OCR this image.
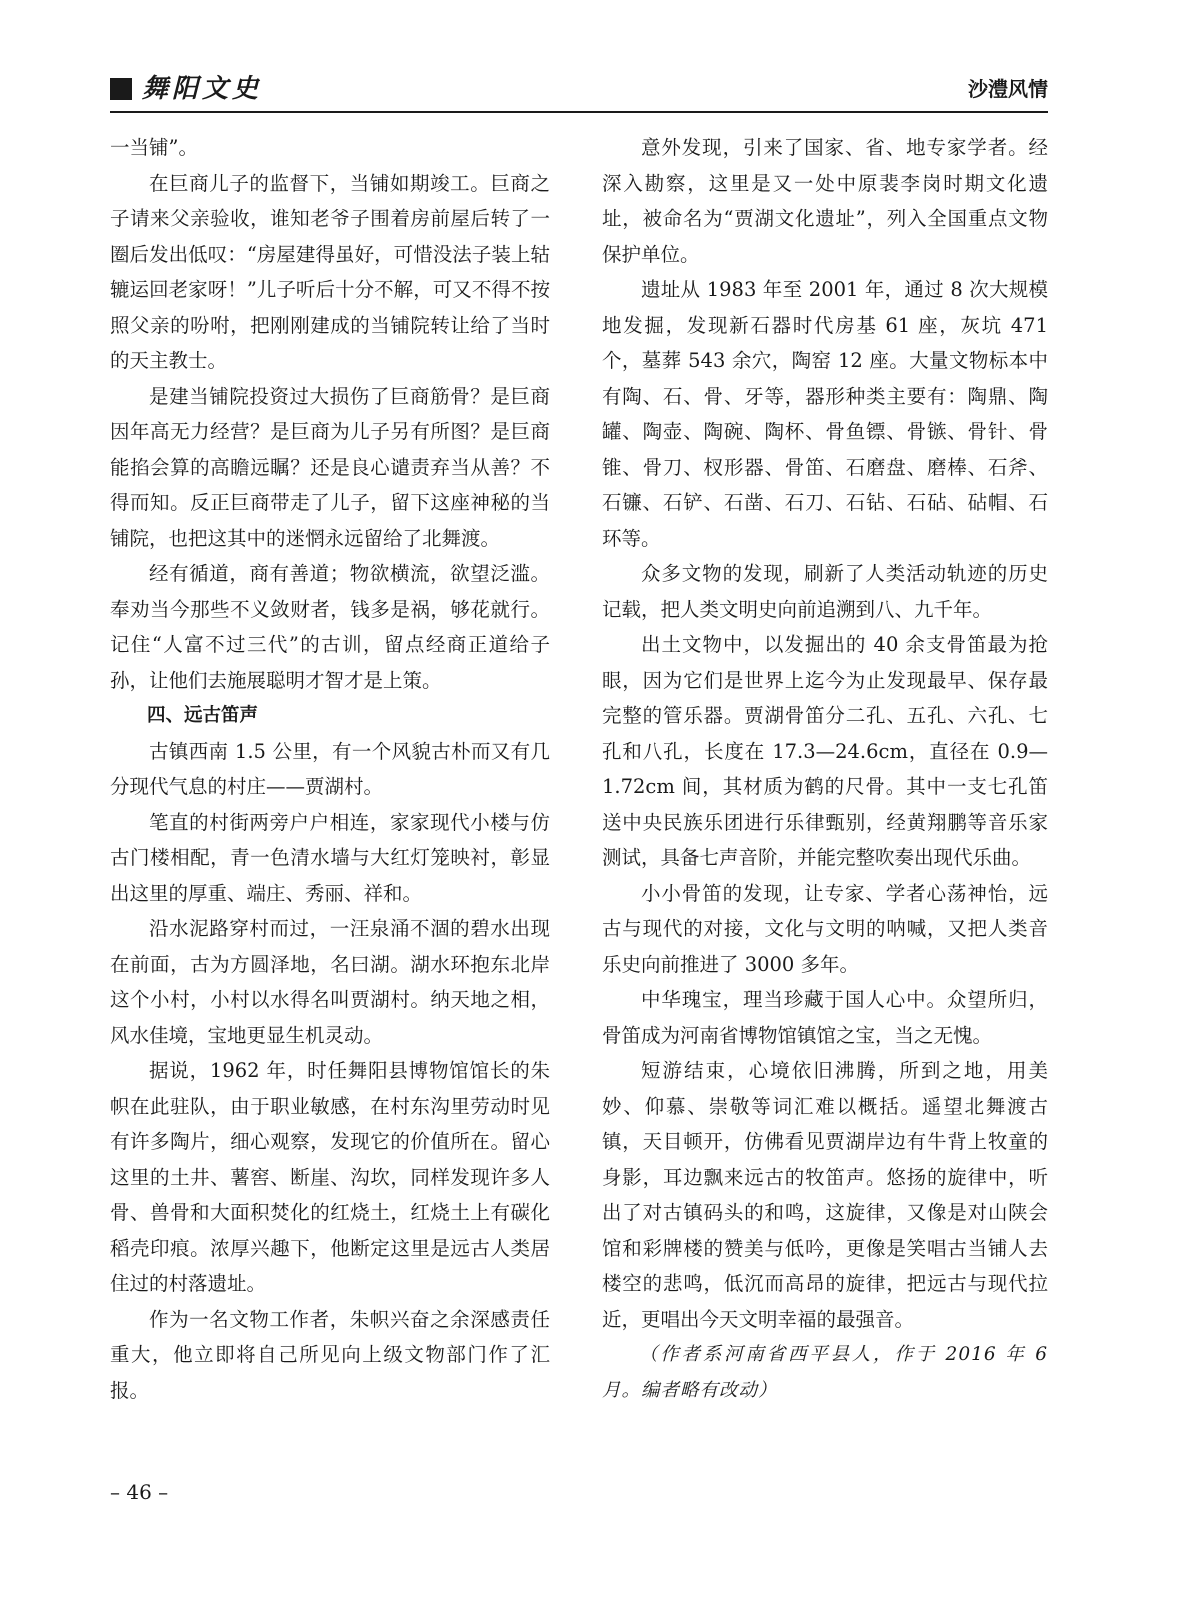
舞阳文史	沙澧风情

一当铺”。

在巨商儿子的监督下，当铺如期竣工。巨商之子请来父亲验收，谁知老爷子围着房前屋后转了一圈后发出低叹：“房屋建得虽好，可惜没法子装上轱辘运回老家呀！”儿子听后十分不解，可又不得不按照父亲的吩咐，把刚刚建成的当铺院转让给了当时的天主教士。

是建当铺院投资过大损伤了巨商筋骨？是巨商因年高无力经营？是巨商为儿子另有所图？是巨商能掐会算的高瞻远瞩？还是良心谴责弃当从善？不得而知。反正巨商带走了儿子，留下这座神秘的当铺院，也把这其中的迷惘永远留给了北舞渡。

经有循道，商有善道；物欲横流，欲望泛滥。奉劝当今那些不义敛财者，钱多是祸，够花就行。记住“人富不过三代”的古训，留点经商正道给子孙，让他们去施展聪明才智才是上策。

四、远古笛声

古镇西南 1.5 公里，有一个风貌古朴而又有几分现代气息的村庄——贾湖村。

笔直的村街两旁户户相连，家家现代小楼与仿古门楼相配，青一色清水墙与大红灯笼映衬，彰显出这里的厚重、端庄、秀丽、祥和。

沿水泥路穿村而过，一汪泉涌不涸的碧水出现在前面，古为方圆泽地，名曰湖。湖水环抱东北岸这个小村，小村以水得名叫贾湖村。纳天地之相，风水佳境，宝地更显生机灵动。

据说，1962 年，时任舞阳县博物馆馆长的朱帜在此驻队，由于职业敏感，在村东沟里劳动时见有许多陶片，细心观察，发现它的价值所在。留心这里的土井、薯窖、断崖、沟坎，同样发现许多人骨、兽骨和大面积焚化的红烧土，红烧土上有碳化稻壳印痕。浓厚兴趣下，他断定这里是远古人类居住过的村落遗址。

作为一名文物工作者，朱帜兴奋之余深感责任重大，他立即将自己所见向上级文物部门作了汇报。

意外发现，引来了国家、省、地专家学者。经深入勘察，这里是又一处中原裴李岗时期文化遗址，被命名为“贾湖文化遗址”，列入全国重点文物保护单位。

遗址从 1983 年至 2001 年，通过 8 次大规模地发掘，发现新石器时代房基 61 座，灰坑 471 个，墓葬 543 余穴，陶窑 12 座。大量文物标本中有陶、石、骨、牙等，器形种类主要有：陶鼎、陶罐、陶壶、陶碗、陶杯、骨鱼镖、骨镞、骨针、骨锥、骨刀、杈形器、骨笛、石磨盘、磨棒、石斧、石镰、石铲、石凿、石刀、石钻、石砧、砧帽、石环等。

众多文物的发现，刷新了人类活动轨迹的历史记载，把人类文明史向前追溯到八、九千年。

出土文物中，以发掘出的 40 余支骨笛最为抢眼，因为它们是世界上迄今为止发现最早、保存最完整的管乐器。贾湖骨笛分二孔、五孔、六孔、七孔和八孔，长度在 17.3—24.6cm，直径在 0.9—1.72cm 间，其材质为鹤的尺骨。其中一支七孔笛送中央民族乐团进行乐律甄别，经黄翔鹏等音乐家测试，具备七声音阶，并能完整吹奏出现代乐曲。

小小骨笛的发现，让专家、学者心荡神怡，远古与现代的对接，文化与文明的呐喊，又把人类音乐史向前推进了 3000 多年。

中华瑰宝，理当珍藏于国人心中。众望所归，骨笛成为河南省博物馆镇馆之宝，当之无愧。

短游结束，心境依旧沸腾，所到之地，用美妙、仰慕、崇敬等词汇难以概括。遥望北舞渡古镇，天目顿开，仿佛看见贾湖岸边有牛背上牧童的身影，耳边飘来远古的牧笛声。悠扬的旋律中，听出了对古镇码头的和鸣，这旋律，又像是对山陕会馆和彩牌楼的赞美与低吟，更像是笑唱古当铺人去楼空的悲鸣，低沉而高昂的旋律，把远古与现代拉近，更唱出今天文明幸福的最强音。

（作者系河南省西平县人，作于 2016 年 6 月。编者略有改动）

– 46 –
